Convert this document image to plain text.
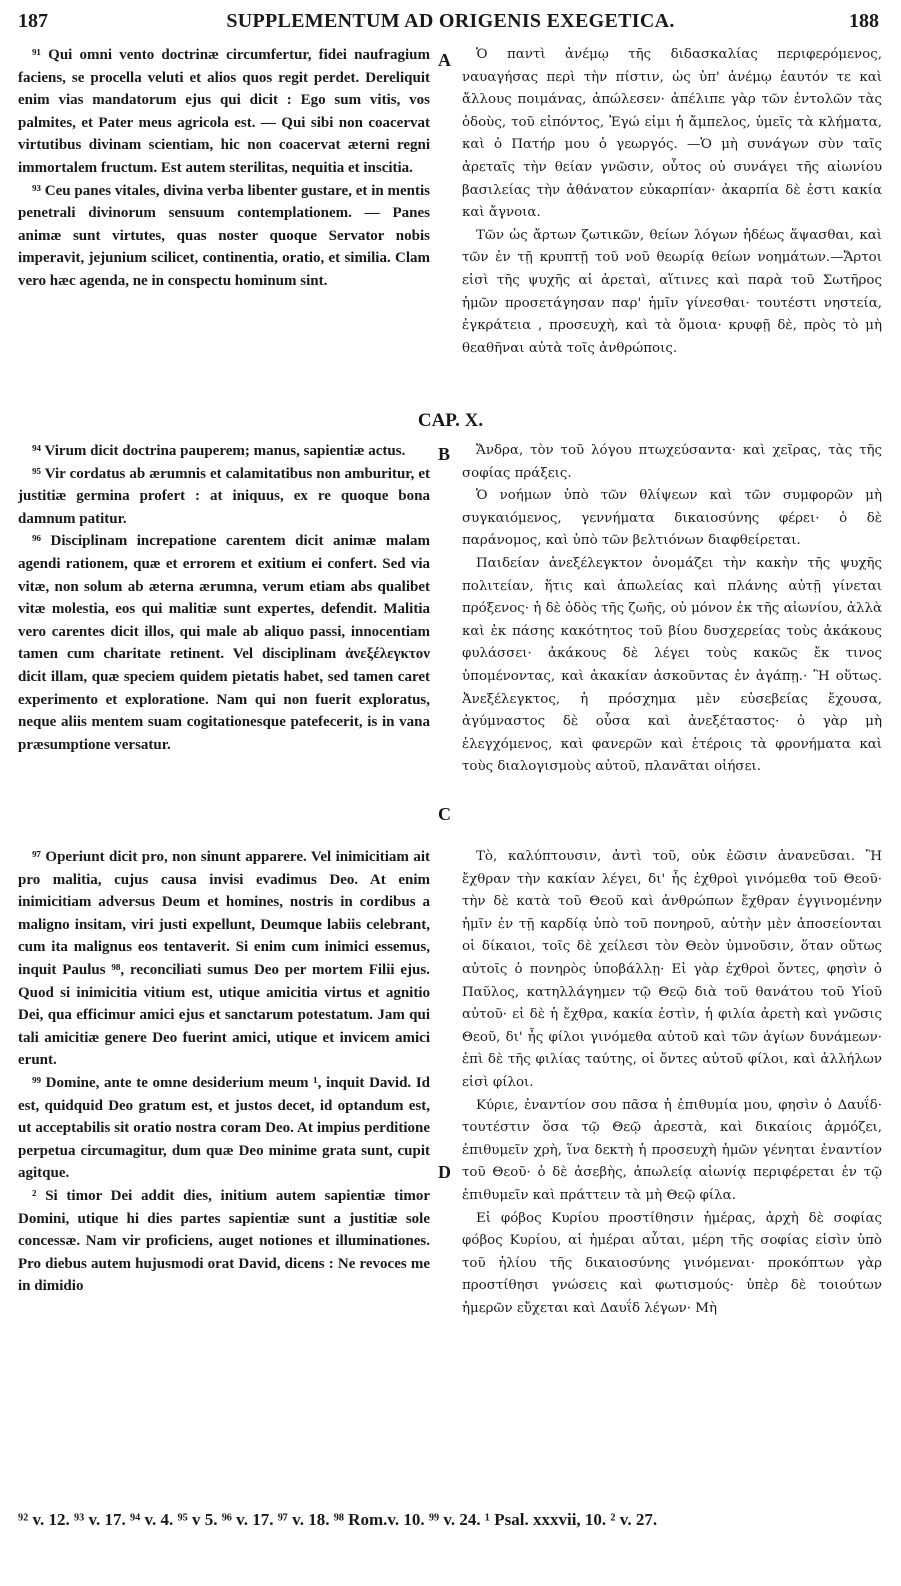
187	SUPPLEMENTUM AD ORIGENIS EXEGETICA.	188

⁹¹ Qui omni vento doctrinæ circumfertur, fidei naufragium faciens, se procella veluti et alios quos regit perdet. Dereliquit enim vias mandatorum ejus qui dicit : Ego sum vitis, vos palmites, et Pater meus agricola est. — Qui sibi non coacervat virtutibus divinam scientiam, hic non coacervat æterni regni immortalem fructum. Est autem sterilitas, nequitia et inscitia.

⁹³ Ceu panes vitales, divina verba libenter gustare, et in mentis penetrali divinorum sensuum contemplationem. — Panes animæ sunt virtutes, quas noster quoque Servator nobis imperavit, jejunium scilicet, continentia, oratio, et similia. Clam vero hæc agenda, ne in conspectu hominum sint.

A	Ὁ παντὶ ἀνέμῳ τῆς διδασκαλίας περιφερόμενος, ναυαγήσας περὶ τὴν πίστιν, ὡς ὑπ' ἀνέμῳ ἑαυτόν τε καὶ ἄλλους ποιμάνας, ἀπώλεσεν· ἀπέλιπε γὰρ τῶν ἐντολῶν τὰς ὁδοὺς, τοῦ εἰπόντος, Ἐγώ εἰμι ἡ ἄμπελος, ὑμεῖς τὰ κλήματα, καὶ ὁ Πατήρ μου ὁ γεωργός. —Ὁ μὴ συνάγων σὺν ταῖς ἀρεταῖς τὴν θείαν γνῶσιν, οὗτος οὐ συνάγει τῆς αἰωνίου βασιλείας τὴν ἀθάνατον εὐκαρπίαν· ἀκαρπία δὲ ἐστι κακία καὶ ἄγνοια.

Τῶν ὡς ἄρτων ζωτικῶν, θείων λόγων ἡδέως ἅψασθαι, καὶ τῶν ἐν τῇ κρυπτῇ τοῦ νοῦ θεωρίᾳ θείων νοημάτων.—Ἄρτοι εἰσὶ τῆς ψυχῆς αἱ ἀρεταὶ, αἵτινες καὶ παρὰ τοῦ Σωτῆρος ἡμῶν προσετάγησαν παρ' ἡμῖν γίνεσθαι· τουτέστι νηστεία, ἐγκράτεια , προσευχὴ, καὶ τὰ ὅμοια· κρυφῇ δὲ, πρὸς τὸ μὴ θεαθῆναι αὐτὰ τοῖς ἀνθρώποις.

CAP. X.
B

⁹⁴ Virum dicit doctrina pauperem; manus, sapientiæ actus.

⁹⁵ Vir cordatus ab ærumnis et calamitatibus non amburitur, et justitiæ germina profert : at iniquus, ex re quoque bona damnum patitur.

⁹⁶ Disciplinam increpatione carentem dicit animæ malam agendi rationem, quæ et errorem et exitium ei confert. Sed via vitæ, non solum ab æterna ærumna, verum etiam abs qualibet vitæ molestia, eos qui malitiæ sunt expertes, defendit. Malitia vero carentes dicit illos, qui male ab aliquo passi, innocentiam tamen cum charitate retinent. Vel disciplinam ἀνεξέλεγκτον dicit illam, quæ speciem quidem pietatis habet, sed tamen caret experimento et exploratione. Nam qui non fuerit exploratus, neque aliis mentem suam cogitationesque patefecerit, is in vana præsumptione versatur.

Ἄνδρα, τὸν τοῦ λόγου πτωχεύσαντα· καὶ χεῖρας, τὰς τῆς σοφίας πράξεις.

Ὁ νοήμων ὑπὸ τῶν θλίψεων καὶ τῶν συμφορῶν μὴ συγκαιόμενος, γεννήματα δικαιοσύνης φέρει· ὁ δὲ παράνομος, καὶ ὑπὸ τῶν βελτιόνων διαφθείρεται.

Παιδείαν ἀνεξέλεγκτον ὀνομάζει τὴν κακὴν τῆς ψυχῆς πολιτείαν, ἥτις καὶ ἀπωλείας καὶ πλάνης αὐτῇ γίνεται πρόξενος· ἡ δὲ ὁδὸς τῆς ζωῆς, οὐ μόνον ἐκ τῆς αἰωνίου, ἀλλὰ καὶ ἐκ πάσης κακότητος τοῦ βίου δυσχερείας τοὺς ἀκάκους φυλάσσει· ἀκάκους δὲ λέγει τοὺς κακῶς ἔκ τινος ὑπομένοντας, καὶ ἀκακίαν ἀσκοῦντας ἐν ἀγάπῃ.· Ἢ οὕτως. Ἀνεξέλεγκτος, ἡ πρόσχημα μὲν εὐσεβείας ἔχουσα, ἀγύμναστος δὲ οὖσα καὶ ἀνεξέταστος· ὁ γὰρ μὴ ἐλεγχόμενος, καὶ φανερῶν καὶ ἑτέροις τὰ φρονήματα καὶ τοὺς διαλογισμοὺς αὐτοῦ, πλανᾶται οἰήσει.

C

⁹⁷ Operiunt dicit pro, non sinunt apparere. Vel inimicitiam ait pro malitia, cujus causa invisi evadimus Deo. At enim inimicitiam adversus Deum et homines, nostris in cordibus a maligno insitam, viri justi expellunt, Deumque labiis celebrant, cum ita malignus eos tentaverit. Si enim cum inimici essemus, inquit Paulus ⁹⁸, reconciliati sumus Deo per mortem Filii ejus. Quod si inimicitia vitium est, utique amicitia virtus et agnitio Dei, qua efficimur amici ejus et sanctarum potestatum. Jam qui tali amicitiæ genere Deo fuerint amici, utique et invicem amici erunt.

⁹⁹ Domine, ante te omne desiderium meum ¹, inquit David. Id est, quidquid Deo gratum est, et justos decet, id optandum est, ut acceptabilis sit oratio nostra coram Deo. At impius perditione perpetua circumagitur, dum quæ Deo minime grata sunt, cupit agitque.

² Si timor Dei addit dies, initium autem sapientiæ timor Domini, utique hi dies partes sapientiæ sunt a justitiæ sole concessæ. Nam vir proficiens, auget notiones et illuminationes. Pro diebus autem hujusmodi orat David, dicens : Ne revoces me in dimidio

D

Τὸ, καλύπτουσιν, ἀντὶ τοῦ, οὐκ ἐῶσιν ἀνανεῦσαι. Ἢ ἔχθραν τὴν κακίαν λέγει, δι' ἧς ἐχθροὶ γινόμεθα τοῦ Θεοῦ· τὴν δὲ κατὰ τοῦ Θεοῦ καὶ ἀνθρώπων ἔχθραν ἐγγινομένην ἡμῖν ἐν τῇ καρδίᾳ ὑπὸ τοῦ πονηροῦ, αὐτὴν μὲν ἀποσείονται οἱ δίκαιοι, τοῖς δὲ χείλεσι τὸν Θεὸν ὑμνοῦσιν, ὅταν οὕτως αὐτοῖς ὁ πονηρὸς ὑποβάλλῃ· Εἰ γὰρ ἐχθροὶ ὄντες, φησὶν ὁ Παῦλος, κατηλλάγημεν τῷ Θεῷ διὰ τοῦ θανάτου τοῦ Υἱοῦ αὐτοῦ· εἰ δὲ ἡ ἔχθρα, κακία ἐστὶν, ἡ φιλία ἀρετὴ καὶ γνῶσις Θεοῦ, δι' ἧς φίλοι γινόμεθα αὐτοῦ καὶ τῶν ἁγίων δυνάμεων· ἐπὶ δὲ τῆς φιλίας ταύτης, οἱ ὄντες αὐτοῦ φίλοι, καὶ ἀλλήλων εἰσὶ φίλοι.

Κύριε, ἐναντίον σου πᾶσα ἡ ἐπιθυμία μου, φησὶν ὁ Δαυΐδ· τουτέστιν ὅσα τῷ Θεῷ ἀρεστὰ, καὶ δικαίοις ἁρμόζει, ἐπιθυμεῖν χρὴ, ἵνα δεκτὴ ἡ προσευχὴ ἡμῶν γένηται ἐναντίον τοῦ Θεοῦ· ὁ δὲ ἀσεβὴς, ἀπωλείᾳ αἰωνίᾳ περιφέρεται ἐν τῷ ἐπιθυμεῖν καὶ πράττειν τὰ μὴ Θεῷ φίλα.

Εἰ φόβος Κυρίου προστίθησιν ἡμέρας, ἀρχὴ δὲ σοφίας φόβος Κυρίου, αἱ ἡμέραι αὗται, μέρη τῆς σοφίας εἰσὶν ὑπὸ τοῦ ἡλίου τῆς δικαιοσύνης γινόμεναι· προκόπτων γὰρ προστίθησι γνώσεις καὶ φωτισμούς· ὑπὲρ δὲ τοιούτων ἡμερῶν εὔχεται καὶ Δαυΐδ λέγων· Μὴ

⁹² v. 12. ⁹³ v. 17. ⁹⁴ v. 4. ⁹⁵ v 5. ⁹⁶ v. 17. ⁹⁷ v. 18. ⁹⁸ Rom.v. 10. ⁹⁹ v. 24. ¹ Psal. xxxvii, 10. ² v. 27.
